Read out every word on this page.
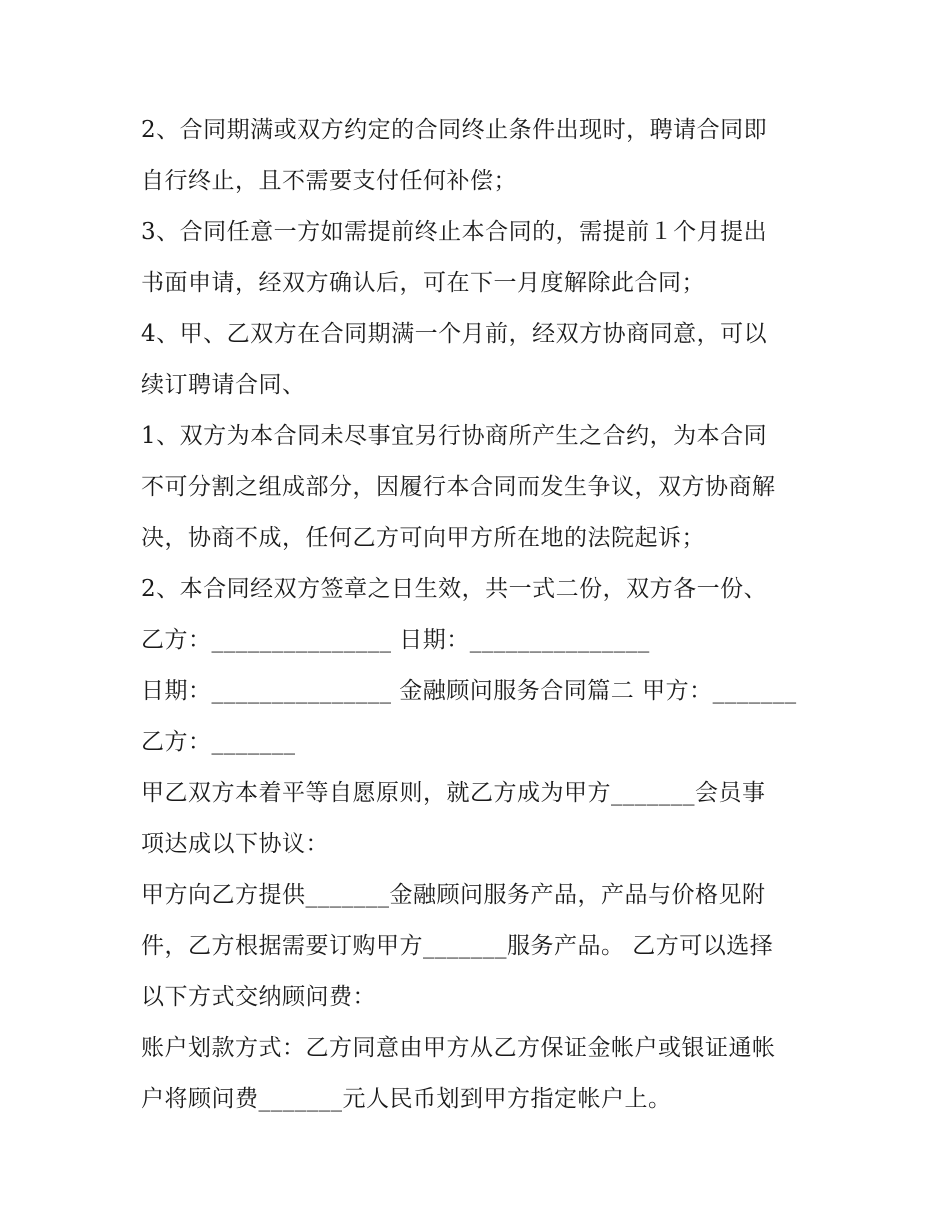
2、合同期满或双方约定的合同终止条件出现时，聘请合同即
自行终止，且不需要支付任何补偿；
3、合同任意一方如需提前终止本合同的，需提前１个月提出
书面申请，经双方确认后，可在下一月度解除此合同；
4、甲、乙双方在合同期满一个月前，经双方协商同意，可以
续订聘请合同、
1、双方为本合同未尽事宜另行协商所产生之合约，为本合同
不可分割之组成部分，因履行本合同而发生争议，双方协商解
决，协商不成，任何乙方可向甲方所在地的法院起诉；
2、本合同经双方签章之日生效，共一式二份，双方各一份、
乙方：_______________ 日期：_______________
日期：_______________ 金融顾问服务合同篇二 甲方：_______
乙方：_______
甲乙双方本着平等自愿原则，就乙方成为甲方_______会员事
项达成以下协议：
甲方向乙方提供_______金融顾问服务产品，产品与价格见附
件，乙方根据需要订购甲方_______服务产品。 乙方可以选择
以下方式交纳顾问费：
账户划款方式：乙方同意由甲方从乙方保证金帐户或银证通帐
户将顾问费_______元人民币划到甲方指定帐户上。
